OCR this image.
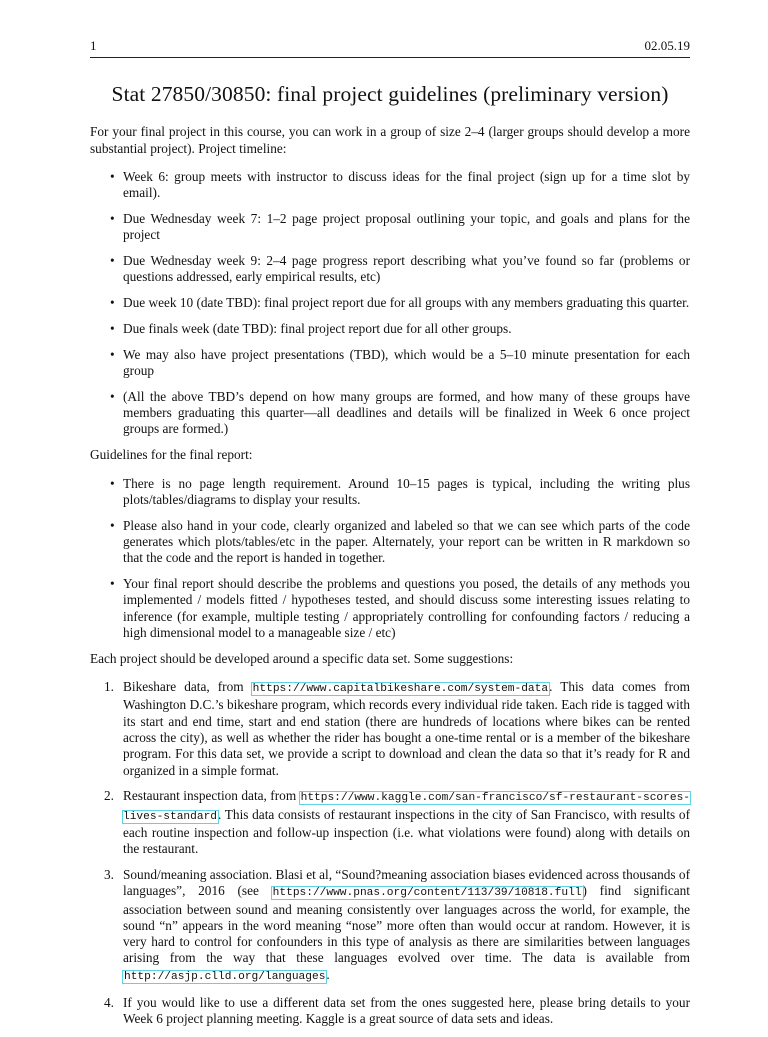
1	02.05.19
Stat 27850/30850: final project guidelines (preliminary version)

For your final project in this course, you can work in a group of size 2–4 (larger groups should develop a more substantial project). Project timeline:

• Week 6: group meets with instructor to discuss ideas for the final project (sign up for a time slot by email).
• Due Wednesday week 7: 1–2 page project proposal outlining your topic, and goals and plans for the project
• Due Wednesday week 9: 2–4 page progress report describing what you’ve found so far (problems or questions addressed, early empirical results, etc)
• Due week 10 (date TBD): final project report due for all groups with any members graduating this quarter.
• Due finals week (date TBD): final project report due for all other groups.
• We may also have project presentations (TBD), which would be a 5–10 minute presentation for each group
• (All the above TBD’s depend on how many groups are formed, and how many of these groups have members graduating this quarter—all deadlines and details will be finalized in Week 6 once project groups are formed.)

Guidelines for the final report:

• There is no page length requirement. Around 10–15 pages is typical, including the writing plus plots/tables/diagrams to display your results.
• Please also hand in your code, clearly organized and labeled so that we can see which parts of the code generates which plots/tables/etc in the paper. Alternately, your report can be written in R markdown so that the code and the report is handed in together.
• Your final report should describe the problems and questions you posed, the details of any methods you implemented / models fitted / hypotheses tested, and should discuss some interesting issues relating to inference (for example, multiple testing / appropriately controlling for confounding factors / reducing a high dimensional model to a manageable size / etc)

Each project should be developed around a specific data set. Some suggestions:

1. Bikeshare data, from https://www.capitalbikeshare.com/system-data. This data comes from Washington D.C.’s bikeshare program, which records every individual ride taken. Each ride is tagged with its start and end time, start and end station (there are hundreds of locations where bikes can be rented across the city), as well as whether the rider has bought a one-time rental or is a member of the bikeshare program. For this data set, we provide a script to download and clean the data so that it’s ready for R and organized in a simple format.
2. Restaurant inspection data, from https://www.kaggle.com/san-francisco/sf-restaurant-scores-lives-standard. This data consists of restaurant inspections in the city of San Francisco, with results of each routine inspection and follow-up inspection (i.e. what violations were found) along with details on the restaurant.
3. Sound/meaning association. Blasi et al, “Sound?meaning association biases evidenced across thousands of languages”, 2016 (see https://www.pnas.org/content/113/39/10818.full) find significant association between sound and meaning consistently over languages across the world, for example, the sound “n” appears in the word meaning “nose” more often than would occur at random. However, it is very hard to control for confounders in this type of analysis as there are similarities between languages arising from the way that these languages evolved over time. The data is available from http://asjp.clld.org/languages.
4. If you would like to use a different data set from the ones suggested here, please bring details to your Week 6 project planning meeting. Kaggle is a great source of data sets and ideas.
